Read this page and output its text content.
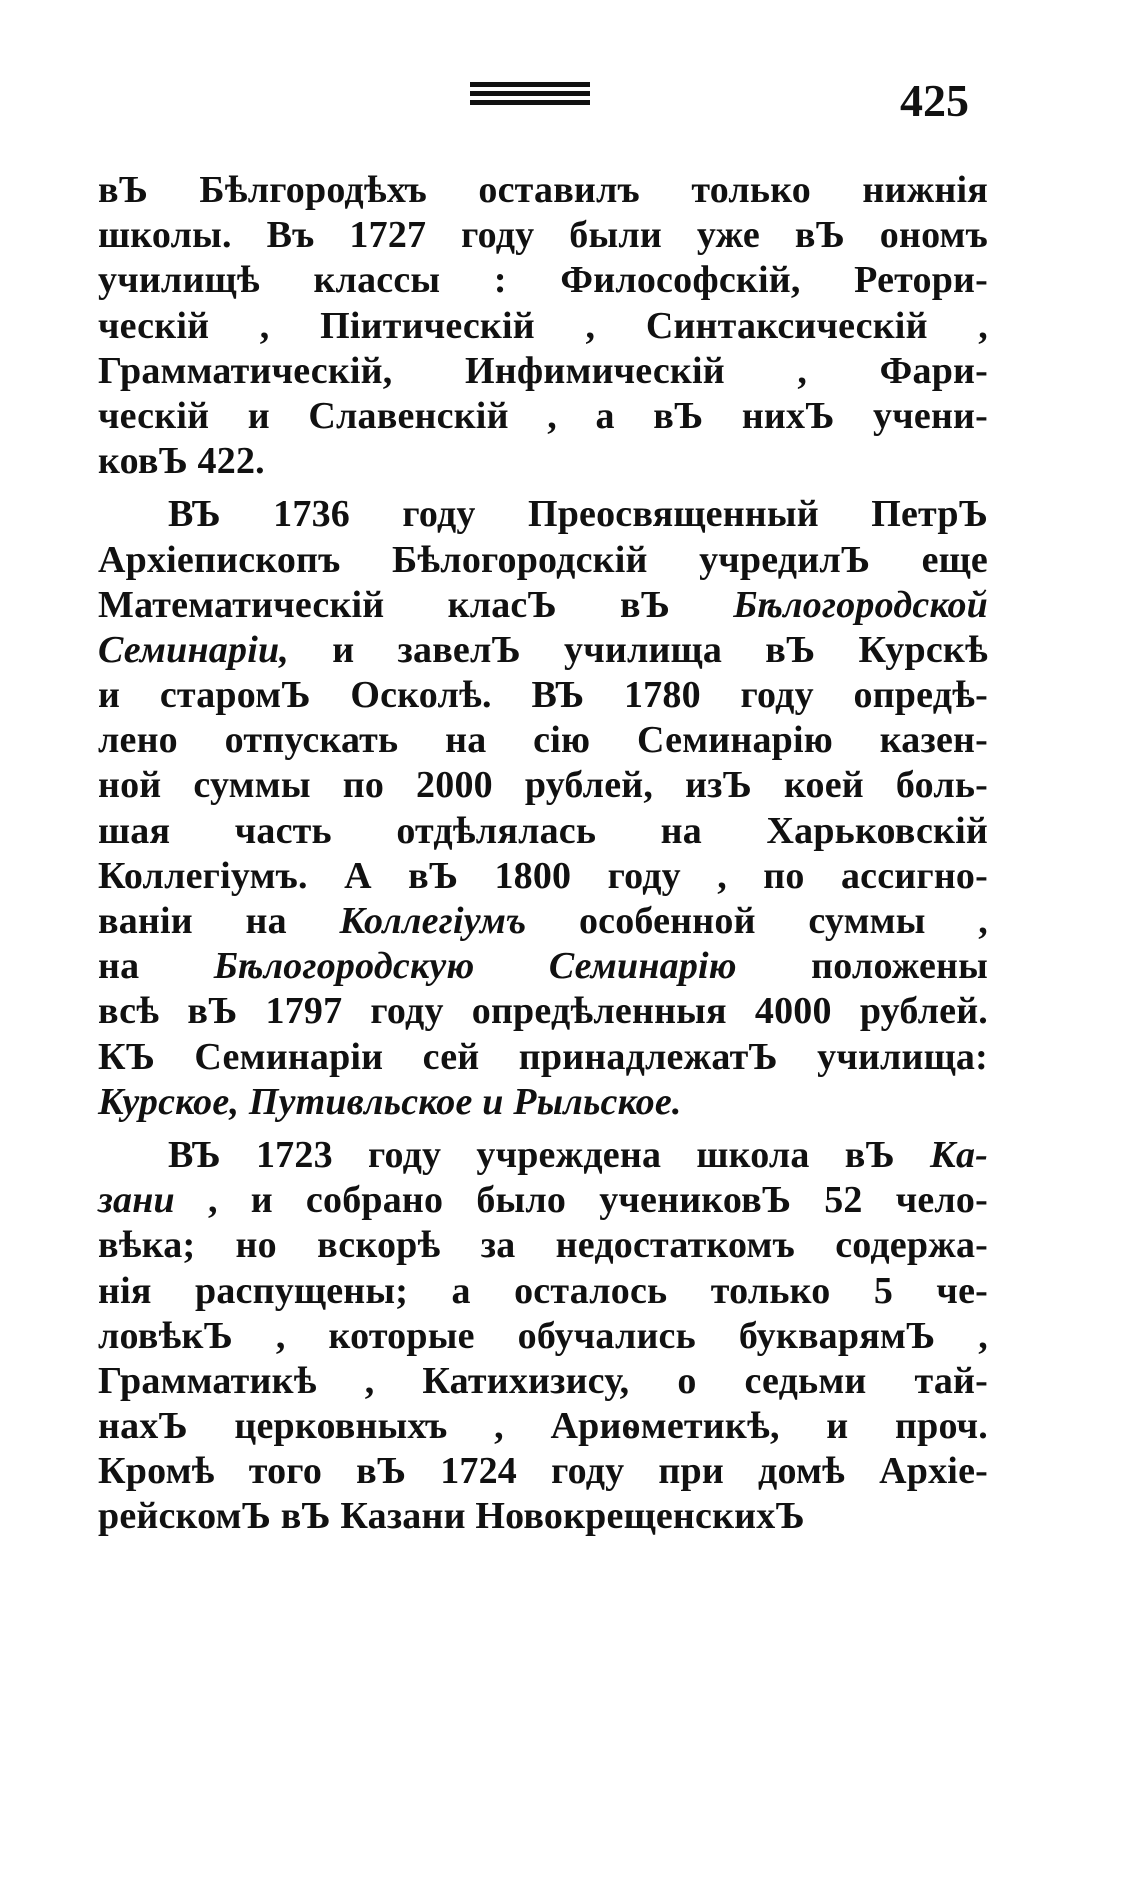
425
вЪ Бѣлгородѣхъ оставилъ только нижнія
школы. Въ 1727 году были уже вЪ ономъ
училищѣ классы : Философскій, Ретори-
ческій , Піитическій , Синтаксическій ,
Грамматическій, Инфимическій , Фари-
ческій и Славенскій , а вЪ нихЪ учени-
ковЪ 422.
ВЪ 1736 году Преосвященный ПетрЪ
Архіепископъ Бѣлогородскій учредилЪ еще
Математическій класЪ вЪ Бѣлогородской
Семинаріи, и завелЪ училища вЪ Курскѣ
и старомЪ Осколѣ. ВЪ 1780 году опредѣ-
лено отпускать на сію Семинарію казен-
ной суммы по 2000 рублей, изЪ коей боль-
шая часть отдѣлялась на Харьковскій
Коллегіумъ. А вЪ 1800 году , по ассигно-
ваніи на Коллегіумъ особенной суммы ,
на Бѣлогородскую Семинарію положены
всѣ вЪ 1797 году опредѣленныя 4000 рублей.
КЪ Семинаріи сей принадлежатЪ училища:
Курское, Путивльское и Рыльское.
ВЪ 1723 году учреждена школа вЪ Ка-
зани , и собрано было учениковЪ 52 чело-
вѣка; но вскорѣ за недостаткомъ содержа-
нія распущены; а осталось только 5 че-
ловѣкЪ , которые обучались букварямЪ ,
Грамматикѣ , Катихизису, о седьми тай-
нахЪ церковныхъ , Ариѳметикѣ, и проч.
Кромѣ того вЪ 1724 году при домѣ Архіе-
рейскомЪ вЪ Казани НовокрещенскихЪ
